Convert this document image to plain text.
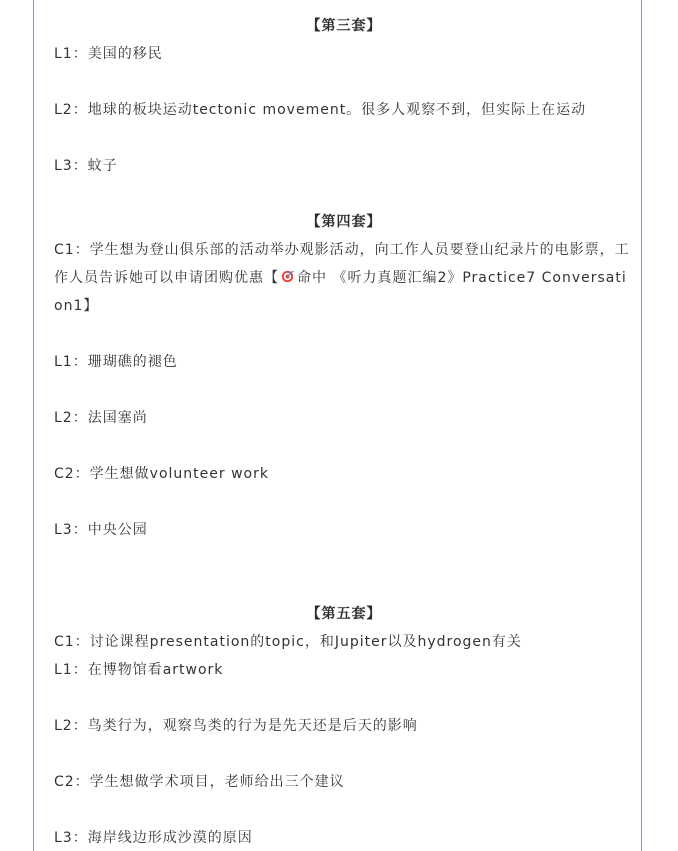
【第三套】
L1：美国的移民
L2：地球的板块运动tectonic movement。很多人观察不到，但实际上在运动
L3：蚊子
【第四套】
C1：学生想为登山俱乐部的活动举办观影活动，向工作人员要登山纪录片的电影票，工作人员告诉她可以申请团购优惠【 命中 《听力真题汇编2》Practice7 Conversation1】
L1：珊瑚礁的褪色
L2：法国塞尚
C2：学生想做volunteer work
L3：中央公园
【第五套】
C1：讨论课程presentation的topic，和Jupiter以及hydrogen有关
L1：在博物馆看artwork
L2：鸟类行为，观察鸟类的行为是先天还是后天的影响
C2：学生想做学术项目，老师给出三个建议
L3：海岸线边形成沙漠的原因
